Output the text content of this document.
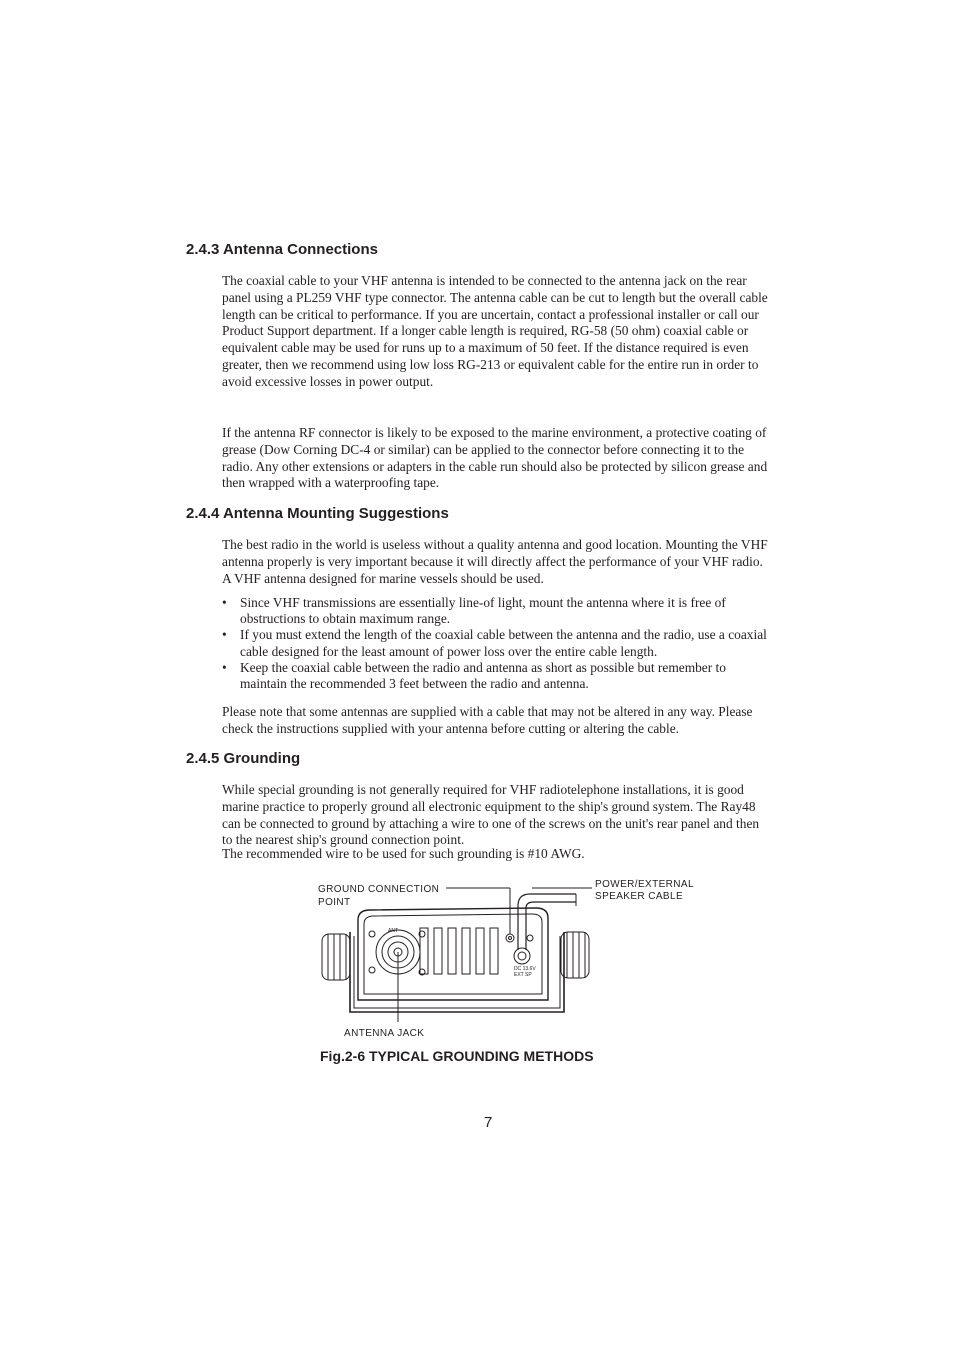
2.4.3 Antenna Connections

The coaxial cable to your VHF antenna is intended to be connected to the antenna jack on the rear panel using a PL259 VHF type connector. The antenna cable can be cut to length but the overall cable length can be critical to performance. If you are uncertain, contact a professional installer or call our Product Support department. If a longer cable length is required, RG-58 (50 ohm) coaxial cable or equivalent cable may be used for runs up to a maximum of 50 feet. If the distance required is even greater, then we recommend using low loss RG-213 or equivalent cable for the entire run in order to avoid excessive losses in power output.

If the antenna RF connector is likely to be exposed to the marine environment, a protective coating of grease (Dow Corning DC-4 or similar) can be applied to the connector before connecting it to the radio. Any other extensions or adapters in the cable run should also be protected by silicon grease and then wrapped with a waterproofing tape.

2.4.4 Antenna Mounting Suggestions

The best radio in the world is useless without a quality antenna and good location. Mounting the VHF antenna properly is very important because it will directly affect the performance of your VHF radio. A VHF antenna designed for marine vessels should be used.

• Since VHF transmissions are essentially line-of light, mount the antenna where it is free of obstructions to obtain maximum range.
• If you must extend the length of the coaxial cable between the antenna and the radio, use a coaxial cable designed for the least amount of power loss over the entire cable length.
• Keep the coaxial cable between the radio and antenna as short as possible but remember to maintain the recommended 3 feet between the radio and antenna.

Please note that some antennas are supplied with a cable that may not be altered in any way. Please check the instructions supplied with your antenna before cutting or altering the cable.

2.4.5 Grounding

While special grounding is not generally required for VHF radiotelephone installations, it is good marine practice to properly ground all electronic equipment to the ship's ground system. The Ray48 can be connected to ground by attaching a wire to one of the screws on the unit's rear panel and then to the nearest ship's ground connection point.

The recommended wire to be used for such grounding is #10 AWG.

GROUND CONNECTION
POINT
POWER/EXTERNAL
SPEAKER CABLE
ANTENNA JACK
ANT
DC 13.6V
EXT SP

Fig.2-6 TYPICAL GROUNDING METHODS

7
